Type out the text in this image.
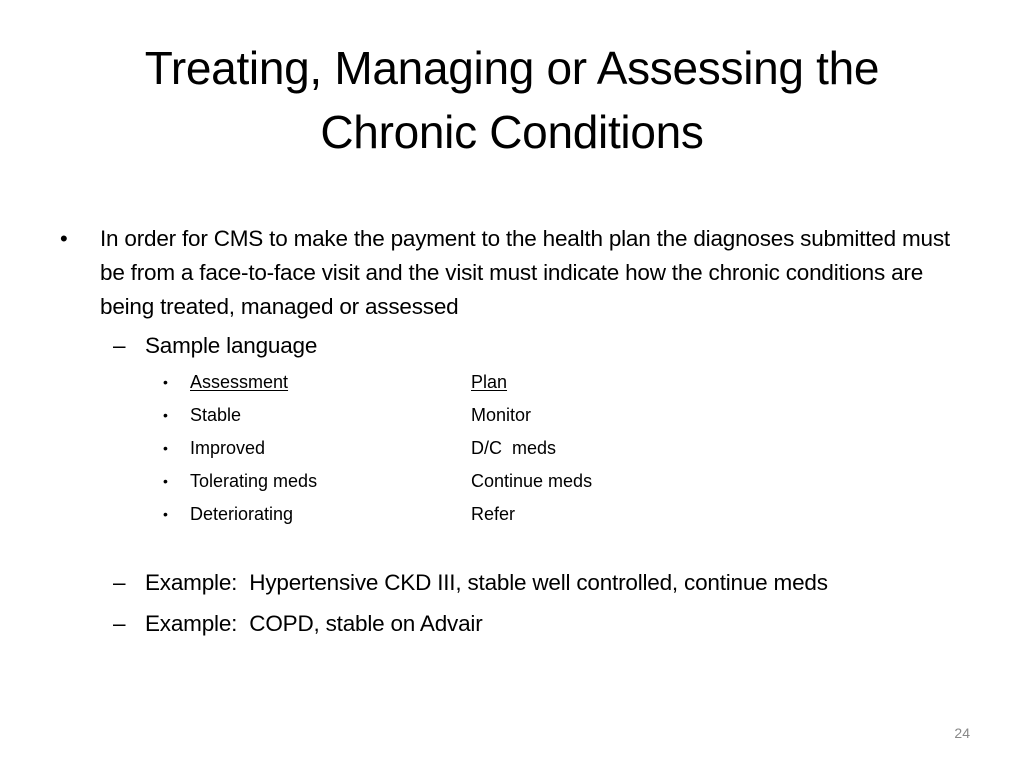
Treating, Managing or Assessing the
Chronic Conditions
• In order for CMS to make the payment to the health plan the diagnoses submitted must be from a face-to-face visit and the visit must indicate how the chronic conditions are being treated, managed or assessed
– Sample language
• Assessment	Plan
• Stable	Monitor
• Improved	D/C  meds
• Tolerating meds	Continue meds
• Deteriorating	Refer
– Example:  Hypertensive CKD III, stable well controlled, continue meds
– Example:  COPD, stable on Advair
24
